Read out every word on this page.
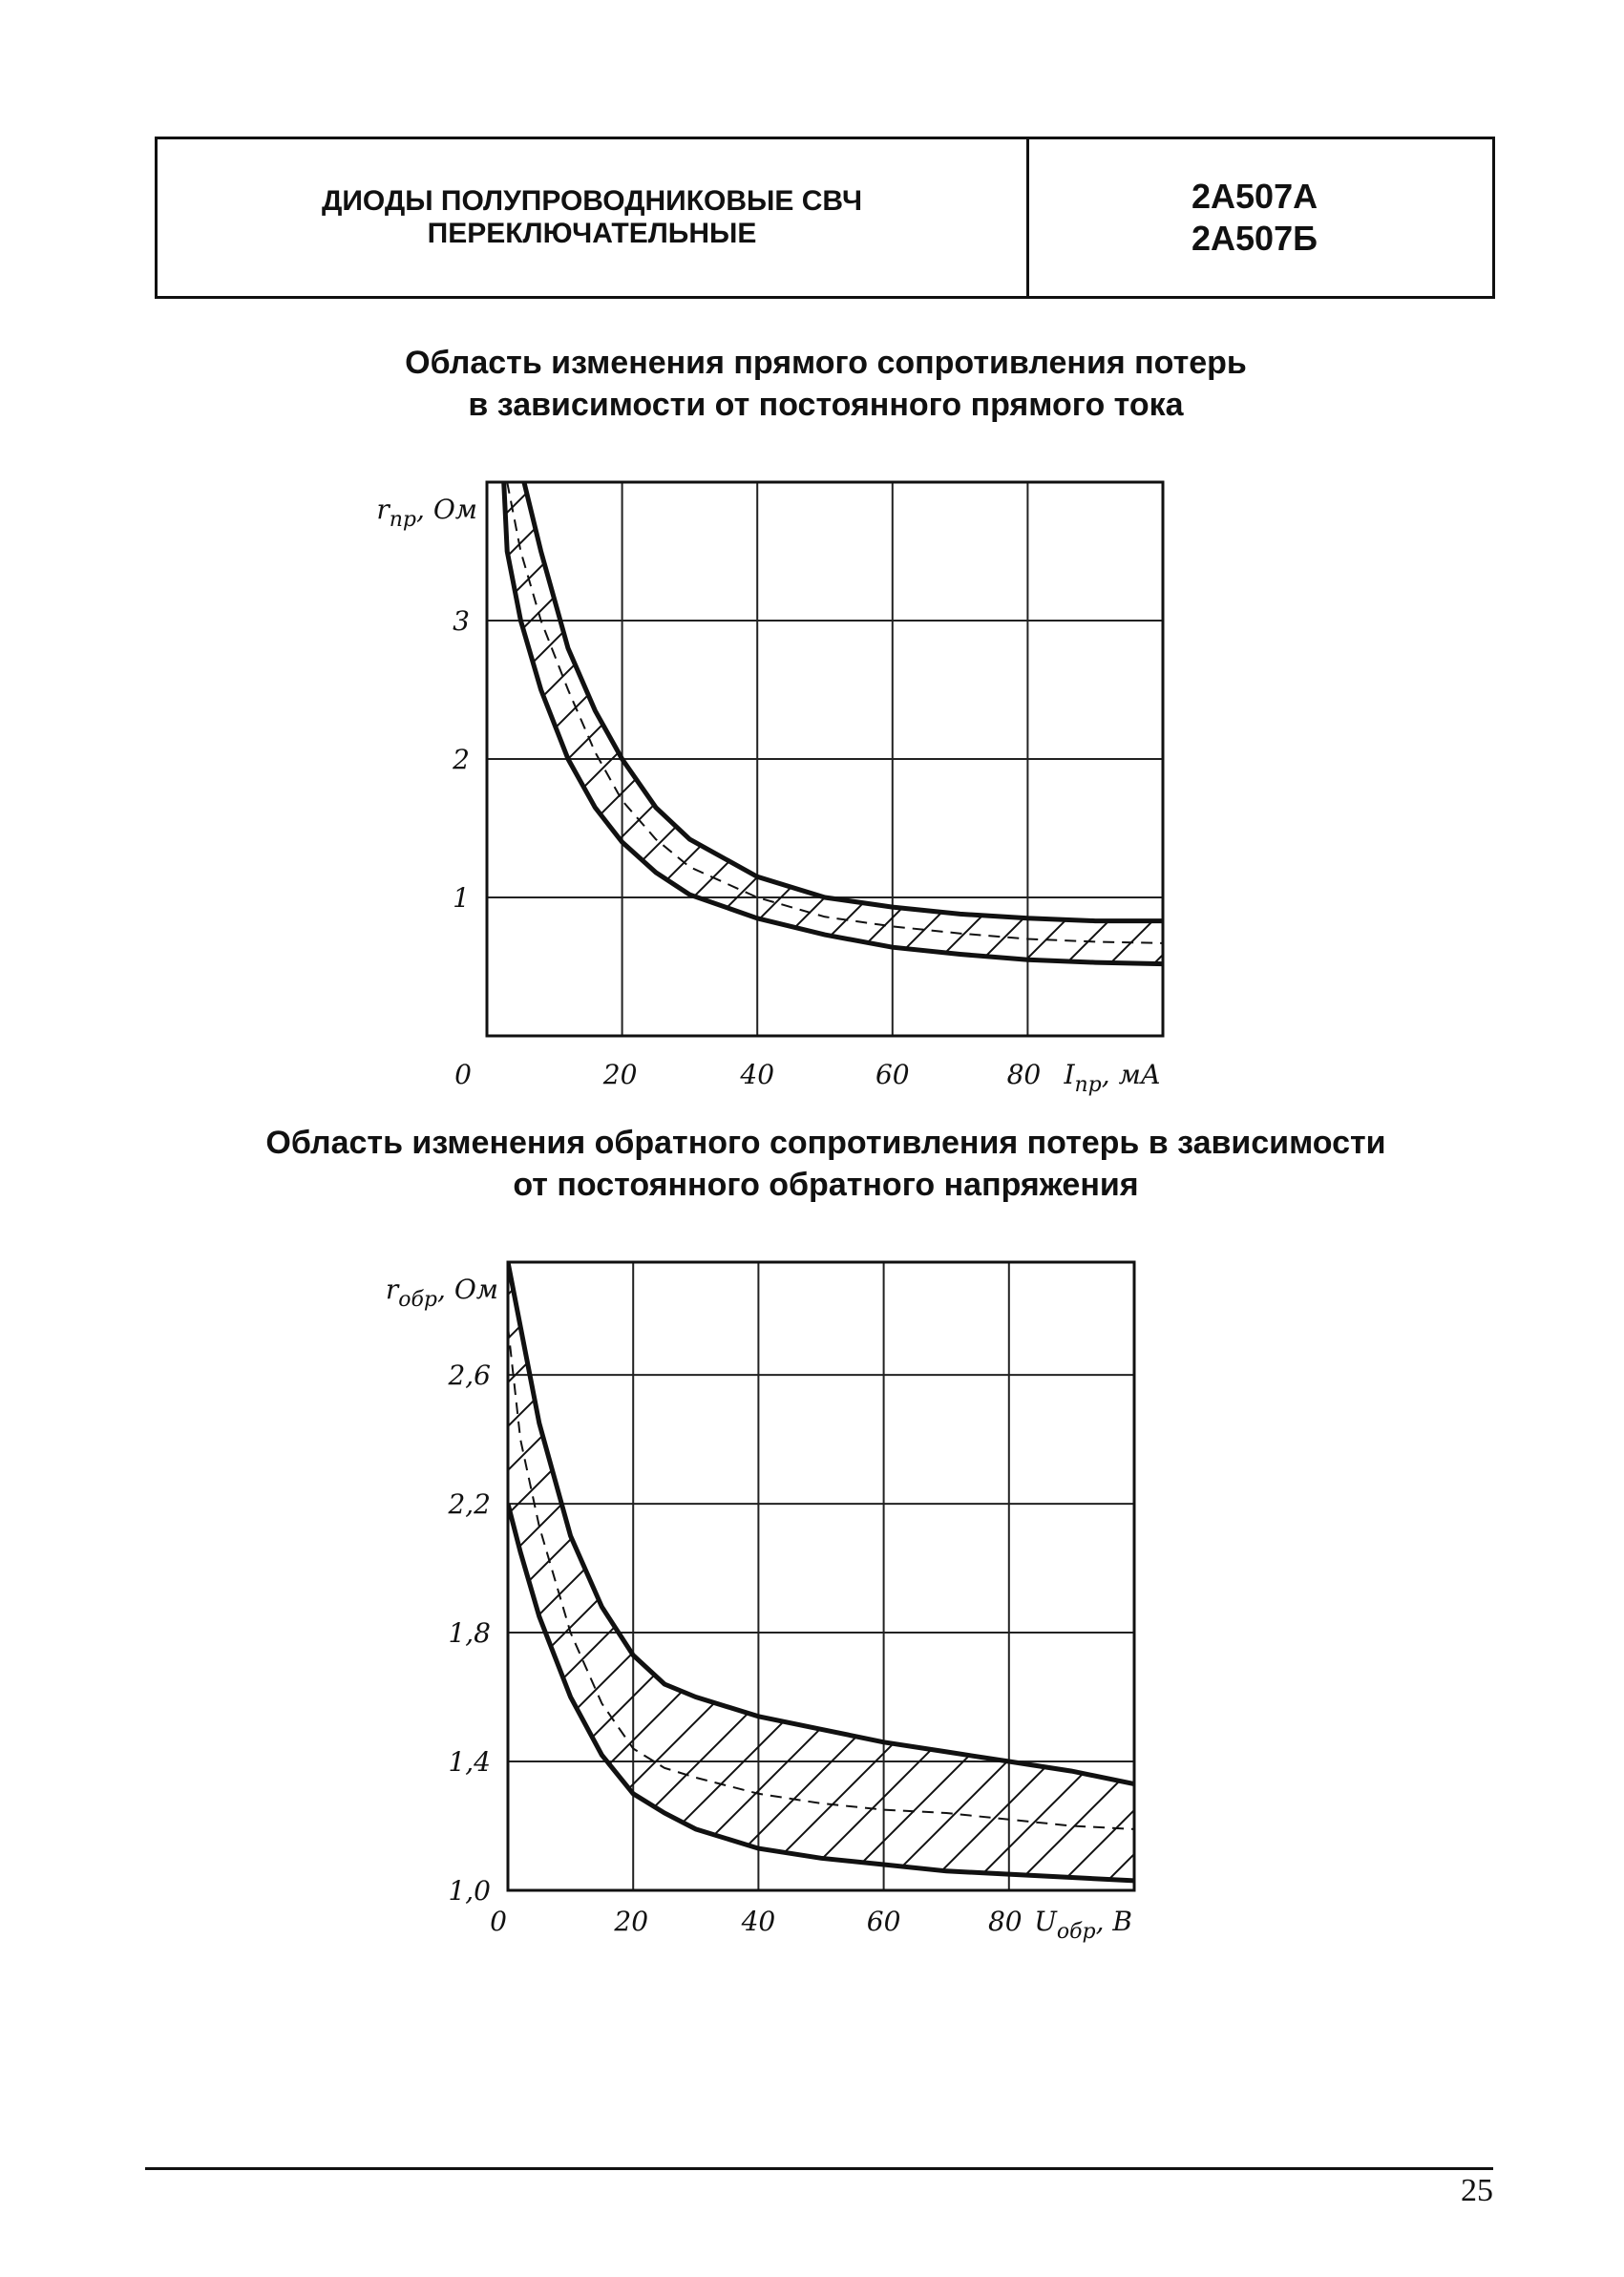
ДИОДЫ ПОЛУПРОВОДНИКОВЫЕ СВЧ
ПЕРЕКЛЮЧАТЕЛЬНЫЕ
2А507А
2А507Б
Область изменения прямого сопротивления потерь
в зависимости от постоянного прямого тока
0	20	40	60	80
1
2
3
$r_{пр}$, Ом
$I_{пр}$, мА
Область изменения обратного сопротивления потерь в зависимости
от постоянного обратного напряжения
0	20	40	60	80
1,0
1,4
1,8
2,2
2,6
$r_{обр}$, Ом
$U_{обр}$, В
25
